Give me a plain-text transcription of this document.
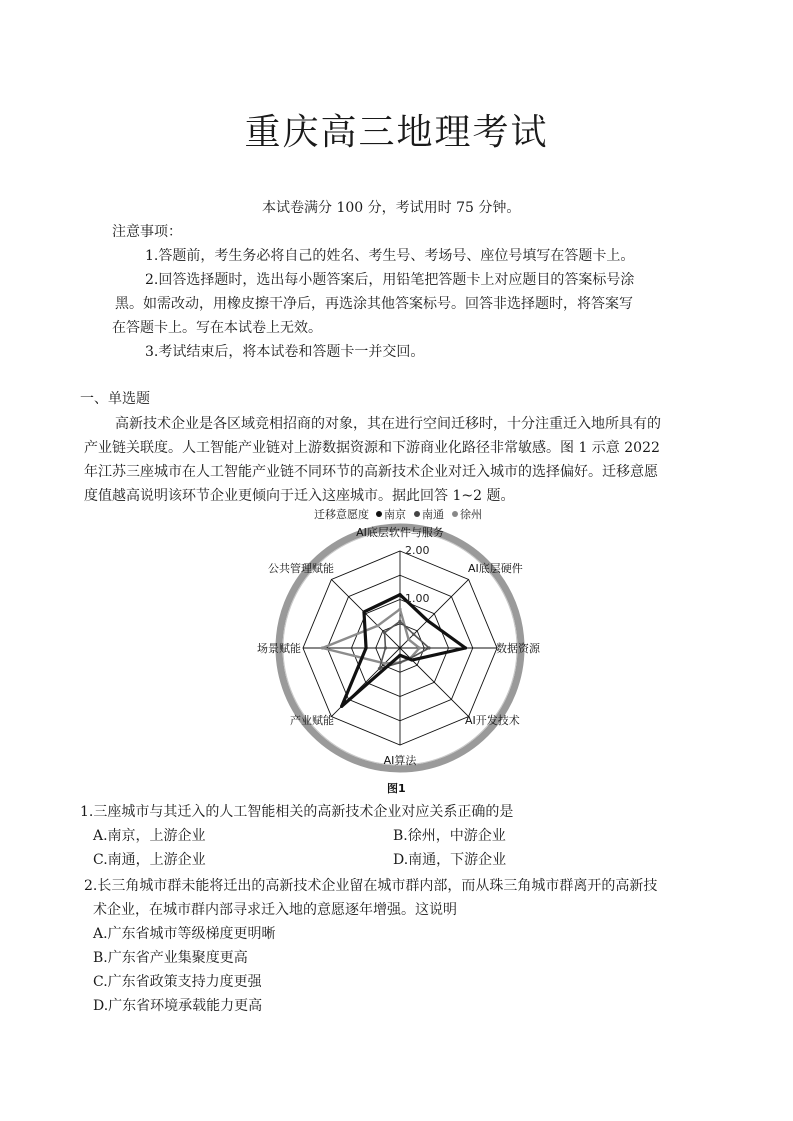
重庆高三地理考试
本试卷满分 100 分，考试用时 75 分钟。
注意事项：
1.答题前，考生务必将自己的姓名、考生号、考场号、座位号填写在答题卡上。
2.回答选择题时，选出每小题答案后，用铅笔把答题卡上对应题目的答案标号涂
黑。如需改动，用橡皮擦干净后，再选涂其他答案标号。回答非选择题时，将答案写
在答题卡上。写在本试卷上无效。
3.考试结束后，将本试卷和答题卡一并交回。
一、单选题
高新技术企业是各区域竞相招商的对象，其在进行空间迁移时，十分注重迁入地所具有的
产业链关联度。人工智能产业链对上游数据资源和下游商业化路径非常敏感。图 1 示意 2022
年江苏三座城市在人工智能产业链不同环节的高新技术企业对迁入城市的选择偏好。迁移意愿
度值越高说明该环节企业更倾向于迁入这座城市。据此回答 1~2 题。
AI底层软件与服务
AI底层硬件
数据资源
AI开发技术
AI算法
产业赋能
场景赋能
公共管理赋能
2.00
1.00
迁移意愿度 南京 南通 徐州
图1
1.三座城市与其迁入的人工智能相关的高新技术企业对应关系正确的是
A.南京，上游企业	B.徐州，中游企业
C.南通，上游企业	D.南通，下游企业
2.长三角城市群未能将迁出的高新技术企业留在城市群内部，而从珠三角城市群离开的高新技
术企业，在城市群内部寻求迁入地的意愿逐年增强。这说明
A.广东省城市等级梯度更明晰
B.广东省产业集聚度更高
C.广东省政策支持力度更强
D.广东省环境承载能力更高
